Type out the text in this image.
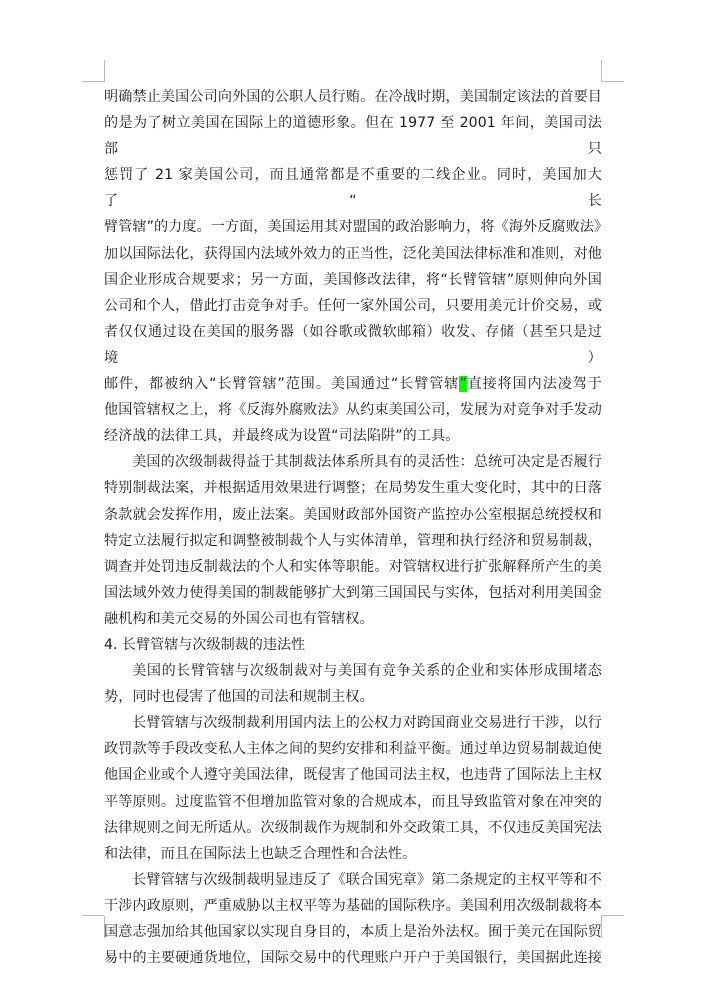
明确禁止美国公司向外国的公职人员行贿。在冷战时期，美国制定该法的首要目
的是为了树立美国在国际上的道德形象。但在 1977 至 2001 年间，美国司法部只
惩罚了 21 家美国公司，而且通常都是不重要的二线企业。同时，美国加大了“长
臂管辖”的力度。一方面，美国运用其对盟国的政治影响力，将《海外反腐败法》
加以国际法化，获得国内法域外效力的正当性，泛化美国法律标准和准则，对他
国企业形成合规要求；另一方面，美国修改法律，将“长臂管辖”原则伸向外国
公司和个人，借此打击竞争对手。任何一家外国公司，只要用美元计价交易，或
者仅仅通过设在美国的服务器（如谷歌或微软邮箱）收发、存储（甚至只是过境）
邮件，都被纳入“长臂管辖”范围。美国通过“长臂管辖”直接将国内法凌驾于
他国管辖权之上，将《反海外腐败法》从约束美国公司，发展为对竞争对手发动
经济战的法律工具，并最终成为设置“司法陷阱”的工具。
美国的次级制裁得益于其制裁法体系所具有的灵活性：总统可决定是否履行
特别制裁法案，并根据适用效果进行调整；在局势发生重大变化时，其中的日落
条款就会发挥作用，废止法案。美国财政部外国资产监控办公室根据总统授权和
特定立法履行拟定和调整被制裁个人与实体清单，管理和执行经济和贸易制裁，
调查并处罚违反制裁法的个人和实体等职能。对管辖权进行扩张解释所产生的美
国法域外效力使得美国的制裁能够扩大到第三国国民与实体，包括对利用美国金
融机构和美元交易的外国公司也有管辖权。
4. 长臂管辖与次级制裁的违法性
美国的长臂管辖与次级制裁对与美国有竞争关系的企业和实体形成围堵态
势，同时也侵害了他国的司法和规制主权。
长臂管辖与次级制裁利用国内法上的公权力对跨国商业交易进行干涉，以行
政罚款等手段改变私人主体之间的契约安排和利益平衡。通过单边贸易制裁迫使
他国企业或个人遵守美国法律，既侵害了他国司法主权，也违背了国际法上主权
平等原则。过度监管不但增加监管对象的合规成本，而且导致监管对象在冲突的
法律规则之间无所适从。次级制裁作为规制和外交政策工具，不仅违反美国宪法
和法律，而且在国际法上也缺乏合理性和合法性。
长臂管辖与次级制裁明显违反了《联合国宪章》第二条规定的主权平等和不
干涉内政原则，严重威胁以主权平等为基础的国际秩序。美国利用次级制裁将本
国意志强加给其他国家以实现自身目的，本质上是治外法权。囿于美元在国际贸
易中的主要硬通货地位，国际交易中的代理账户开户于美国银行，美国据此连接
